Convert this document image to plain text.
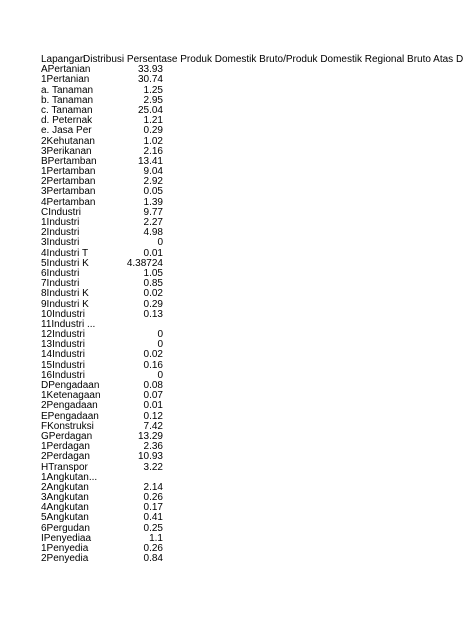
Lapangan
Distribusi Persentase Produk Domestik Bruto/Produk Domestik Regional Bruto Atas D
APertanian	33.93
1Pertanian	30.74
a. Tanaman	1.25
b. Tanaman	2.95
c. Tanaman	25.04
d. Peternak	1.21
e. Jasa Per	0.29
2Kehutanan	1.02
3Perikanan	2.16
BPertamban	13.41
1Pertamban	9.04
2Pertamban	2.92
3Pertamban	0.05
4Pertamban	1.39
CIndustri	9.77
1Industri	2.27
2Industri	4.98
3Industri	0
4Industri T	0.01
5Industri K	4.38724
6Industri	1.05
7Industri	0.85
8Industri K	0.02
9Industri K	0.29
10Industri	0.13
11Industri ...
12Industri	0
13Industri	0
14Industri	0.02
15Industri	0.16
16Industri	0
DPengadaan	0.08
1Ketenagaan	0.07
2Pengadaan	0.01
EPengadaan	0.12
FKonstruksi	7.42
GPerdagan	13.29
1Perdagan	2.36
2Perdagan	10.93
HTranspor	3.22
1Angkutan...
2Angkutan	2.14
3Angkutan	0.26
4Angkutan	0.17
5Angkutan	0.41
6Pergudan	0.25
IPenyediaa	1.1
1Penyedia	0.26
2Penyedia	0.84
